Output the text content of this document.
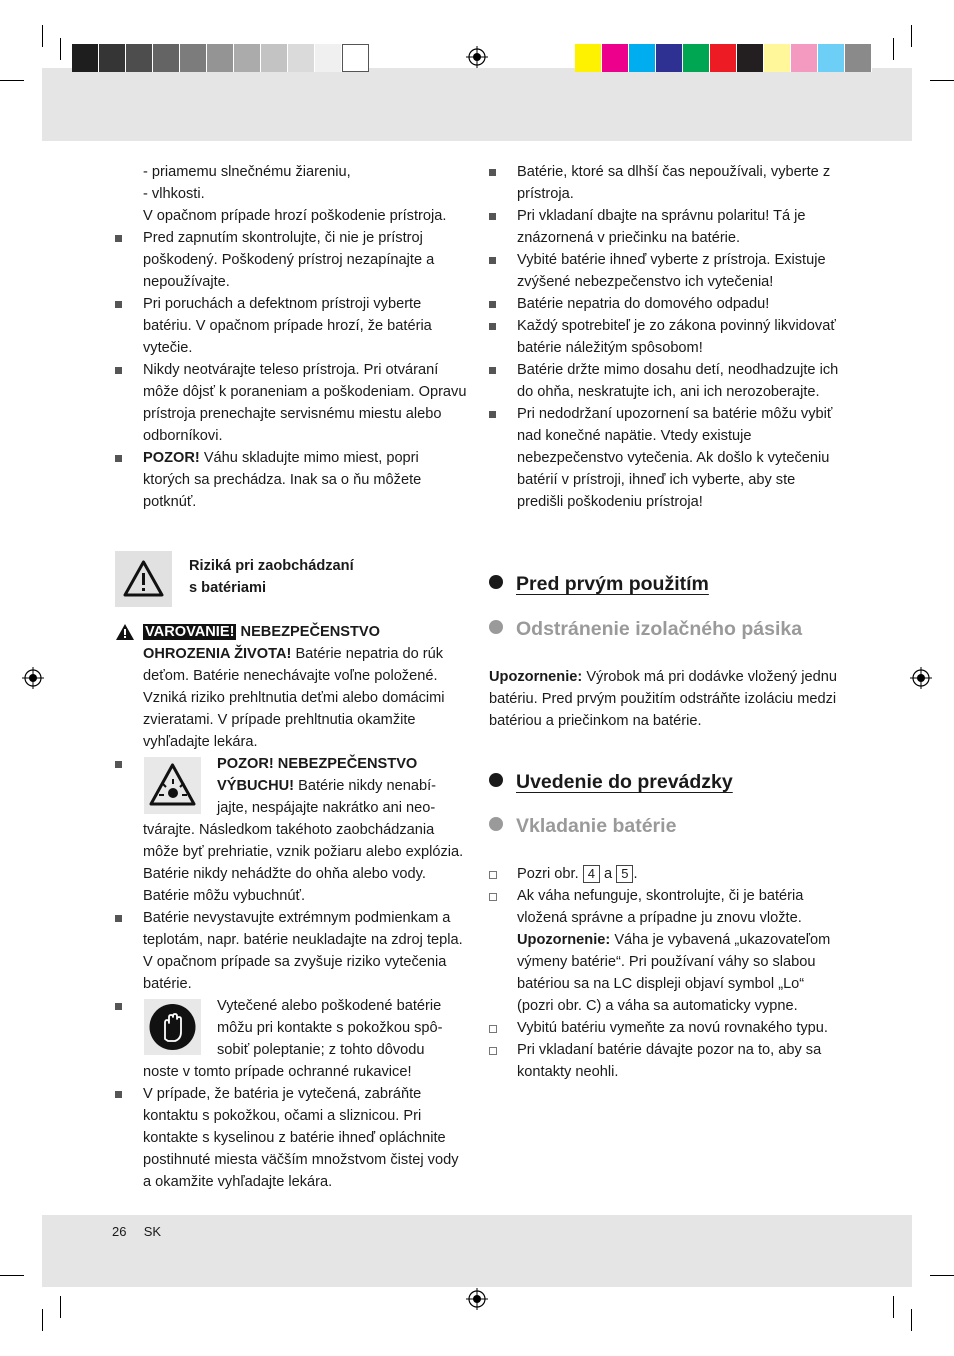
- priamemu slnečnému žiareniu,

- vlhkosti.

V opačnom prípade hrozí poškodenie prístroja.

Pred zapnutím skontrolujte, či nie je prístroj poškodený. Poškodený prístroj nezapínajte a nepoužívajte.

Pri poruchách a defektnom prístroji vyberte batériu. V opačnom prípade hrozí, že batéria vytečie.

Nikdy neotvárajte teleso prístroja. Pri otváraní môže dôjsť k poraneniam a poškodeniam. Opravu prístroja prenechajte servisnému miestu alebo odborníkovi.

POZOR! Váhu skladujte mimo miest, popri ktorých sa prechádza. Inak sa o ňu môžete potknúť.

Riziká pri zaobchádzaní
s batériami

VAROVANIE! NEBEZPEČENSTVO OHROZENIA ŽIVOTA! Batérie nepatria do rúk deťom. Batérie nenechávajte voľne položené. Vzniká riziko prehltnutia deťmi alebo domácimi zvieratami. V prípade prehltnutia okamžite vyhľadajte lekára.

POZOR! NEBEZPEČENSTVO
VÝBUCHU! Batérie nikdy nenabí-
jajte, nespájajte nakrátko ani neo-
tvárajte. Následkom takéhoto zaobchádzania môže byť prehriatie, vznik požiaru alebo explózia. Batérie nikdy nehádžte do ohňa alebo vody. Batérie môžu vybuchnúť.

Batérie nevystavujte extrémnym podmienkam a teplotám, napr. batérie neukladajte na zdroj tepla. V opačnom prípade sa zvyšuje riziko vytečenia batérie.

Vytečené alebo poškodené batérie
môžu pri kontakte s pokožkou spô-
sobiť poleptanie; z tohto dôvodu
noste v tomto prípade ochranné rukavice!

V prípade, že batéria je vytečená, zabráňte kontaktu s pokožkou, očami a sliznicou. Pri kontakte s kyselinou z batérie ihneď opláchnite postihnuté miesta väčším množstvom čistej vody a okamžite vyhľadajte lekára.

Batérie, ktoré sa dlhší čas nepoužívali, vyberte z prístroja.

Pri vkladaní dbajte na správnu polaritu! Tá je znázornená v priečinku na batérie.

Vybité batérie ihneď vyberte z prístroja. Existuje zvýšené nebezpečenstvo ich vytečenia!

Batérie nepatria do domového odpadu!

Každý spotrebiteľ je zo zákona povinný likvidovať batérie náležitým spôsobom!

Batérie držte mimo dosahu detí, neodhadzujte ich do ohňa, neskratujte ich, ani ich nerozoberajte.

Pri nedodržaní upozornení sa batérie môžu vybiť nad konečné napätie. Vtedy existuje nebezpečenstvo vytečenia. Ak došlo k vytečeniu batérií v prístroji, ihneď ich vyberte, aby ste predišli poškodeniu prístroja!

Pred prvým použitím
Odstránenie izolačného pásika
Upozornenie: Výrobok má pri dodávke vložený jednu batériu. Pred prvým použitím odstráňte izoláciu medzi batériou a priečinkom na batérie.
Uvedenie do prevádzky
Vkladanie batérie

Pozri obr. 4 a 5 .

Ak váha nefunguje, skontrolujte, či je batéria vložená správne a prípadne ju znovu vložte.
Upozornenie: Váha je vybavená „ukazovateľom výmeny batérie“. Pri používaní váhy so slabou batériou sa na LC displeji objaví symbol „Lo“ (pozri obr. C) a váha sa automaticky vypne.

Vybitú batériu vymeňte za novú rovnakého typu.

Pri vkladaní batérie dávajte pozor na to, aby sa kontakty neohli.

26 SK
